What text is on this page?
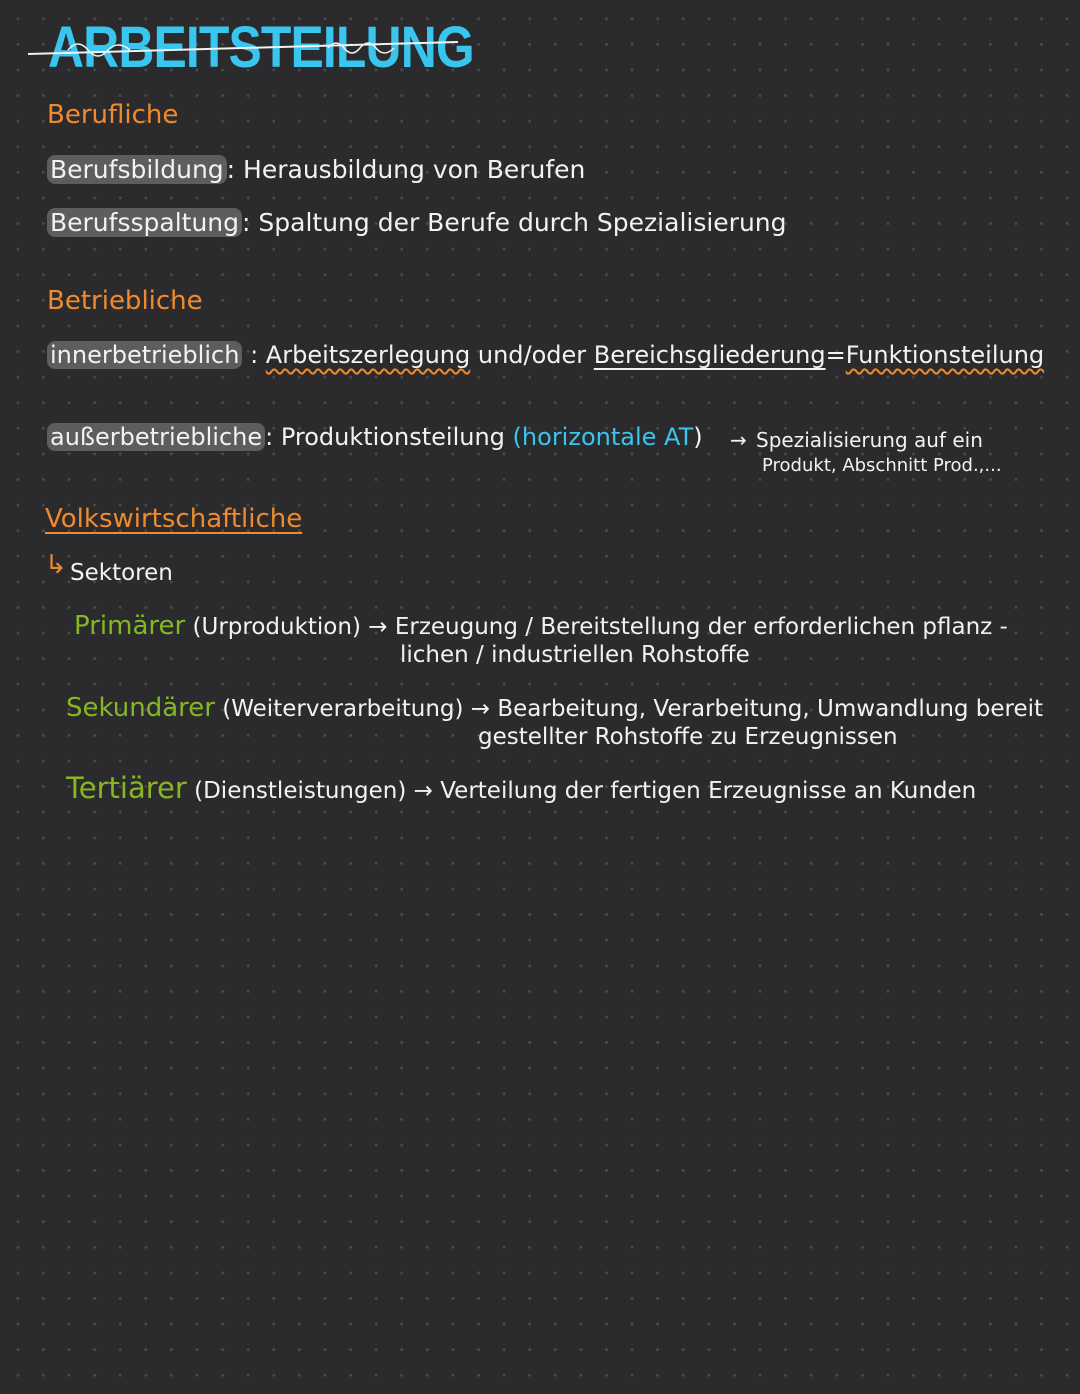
ARBEITSTEILUNG
Berufliche
Berufsbildung : Herausbildung von Berufen
Berufsspaltung : Spaltung der Berufe durch Spezialisierung
Betriebliche
innerbetrieblich : Arbeitszerlegung und/oder Bereichsgliederung=Funktionsteilung
außerbetriebliche : Produktionsteilung (horizontale AT) → Spezialisierung auf ein
Produkt, Abschnitt Prod.,...
Volkswirtschaftliche
↳ Sektoren
Primärer (Urproduktion) → Erzeugung / Bereitstellung der erforderlichen pflanz -
lichen / industriellen Rohstoffe
Sekundärer (Weiterverarbeitung) → Bearbeitung, Verarbeitung, Umwandlung bereit
gestellter Rohstoffe zu Erzeugnissen
Tertiärer (Dienstleistungen) → Verteilung der fertigen Erzeugnisse an Kunden
